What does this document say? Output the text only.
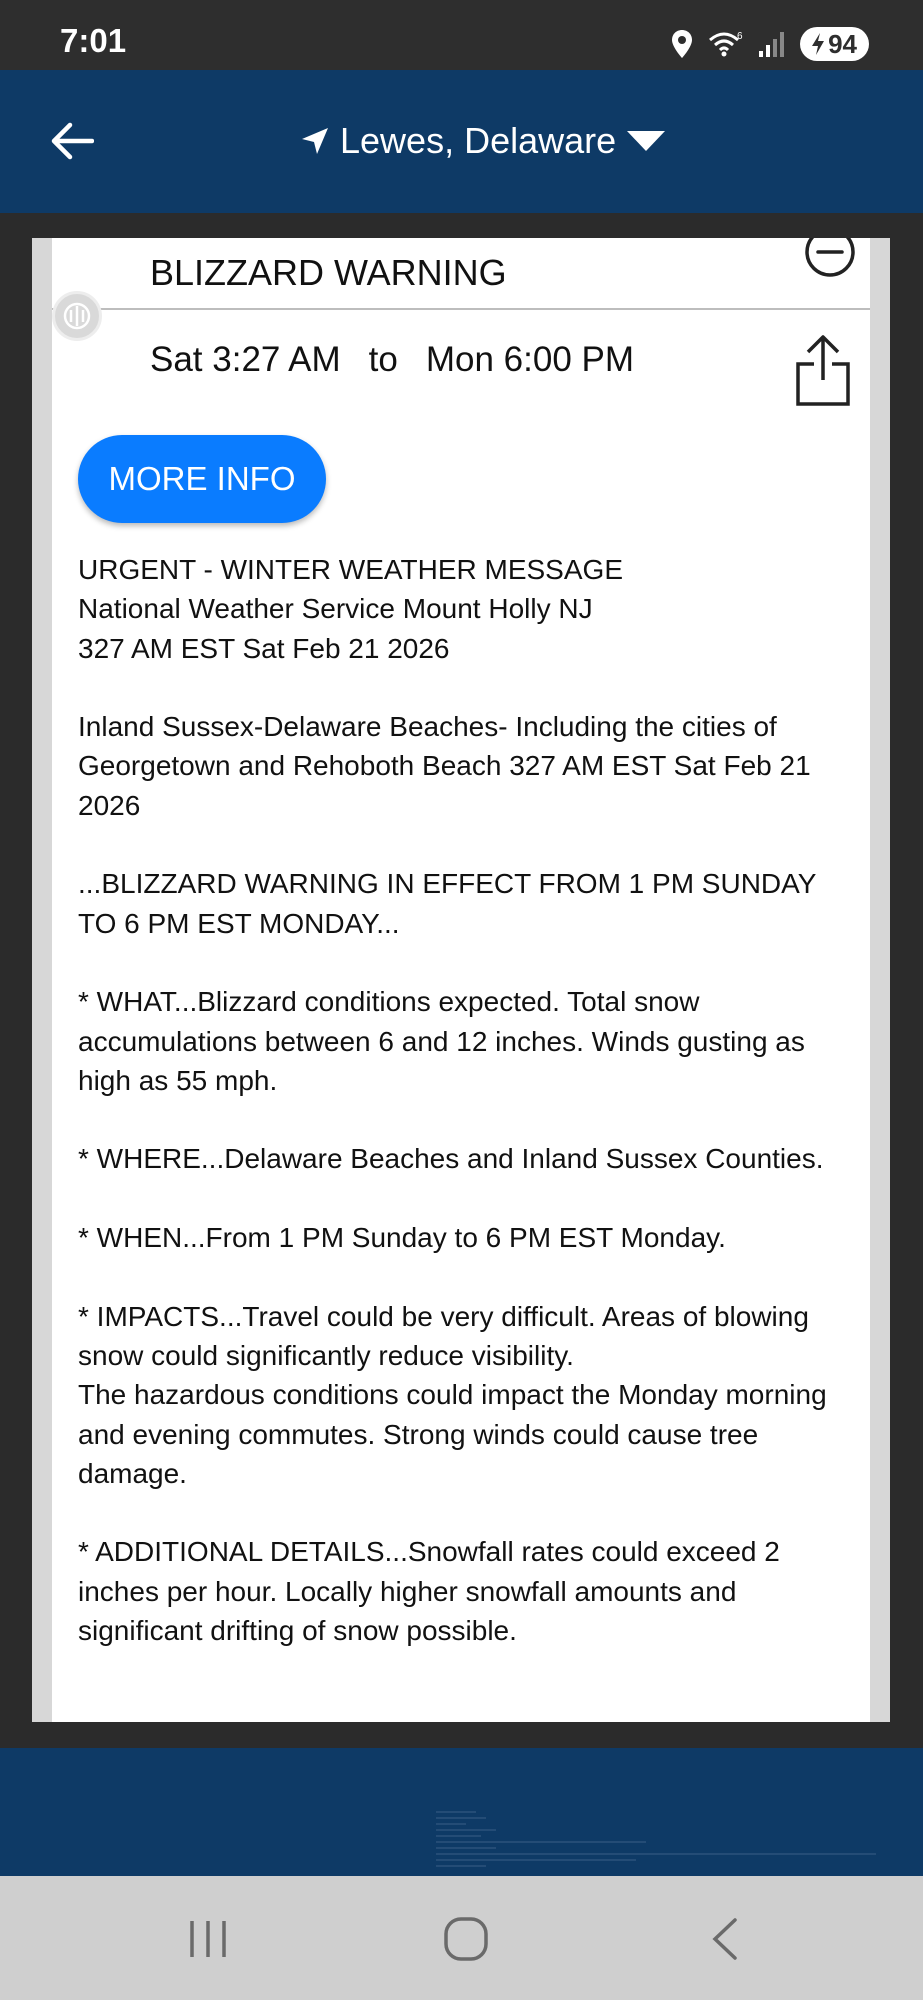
7:01	6	94
Lewes, Delaware
BLIZZARD WARNING
Sat 3:27 AM to Mon 6:00 PM
MORE INFO

URGENT - WINTER WEATHER MESSAGE
National Weather Service Mount Holly NJ
327 AM EST Sat Feb 21 2026

Inland Sussex-Delaware Beaches- Including the cities of Georgetown and Rehoboth Beach 327 AM EST Sat Feb 21 2026

...BLIZZARD WARNING IN EFFECT FROM 1 PM SUNDAY TO 6 PM EST MONDAY...

* WHAT...Blizzard conditions expected. Total snow accumulations between 6 and 12 inches. Winds gusting as high as 55 mph.

* WHERE...Delaware Beaches and Inland Sussex Counties.

* WHEN...From 1 PM Sunday to 6 PM EST Monday.

* IMPACTS...Travel could be very difficult. Areas of blowing snow could significantly reduce visibility.
The hazardous conditions could impact the Monday morning and evening commutes. Strong winds could cause tree damage.

* ADDITIONAL DETAILS...Snowfall rates could exceed 2 inches per hour. Locally higher snowfall amounts and significant drifting of snow possible.
